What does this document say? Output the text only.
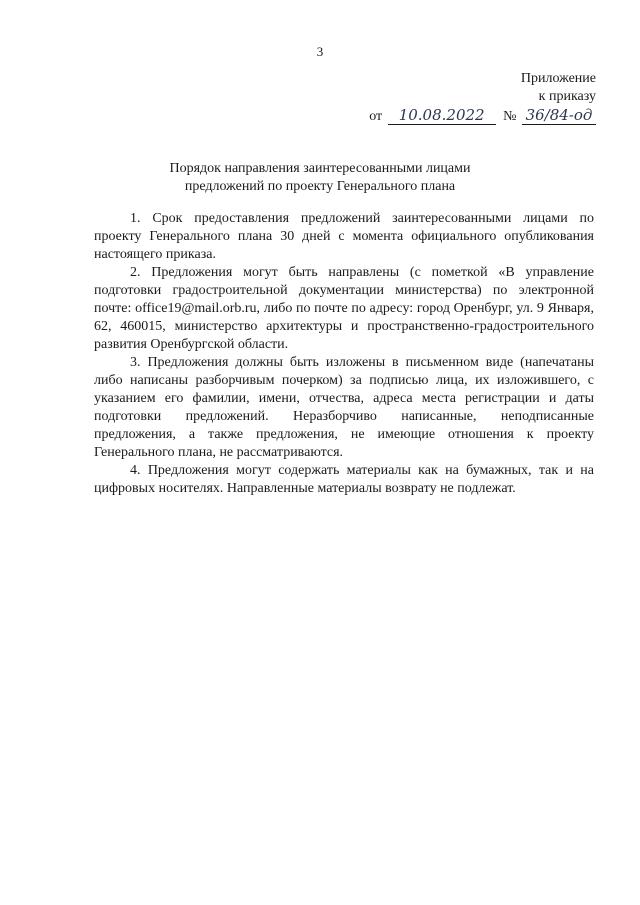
3
Приложение
к приказу
от 10.08.2022 № 36/84-од
Порядок направления заинтересованными лицами
предложений по проекту Генерального плана

1. Срок предоставления предложений заинтересованными лицами по проекту Генерального плана 30 дней с момента официального опубликования настоящего приказа.

2. Предложения могут быть направлены (с пометкой «В управление подготовки градостроительной документации министерства) по электронной почте: office19@mail.orb.ru, либо по почте по адресу: город Оренбург, ул. 9 Января, 62, 460015, министерство архитектуры и пространственно-градостроительного развития Оренбургской области.

3. Предложения должны быть изложены в письменном виде (напечатаны либо написаны разборчивым почерком) за подписью лица, их изложившего, с указанием его фамилии, имени, отчества, адреса места регистрации и даты подготовки предложений. Неразборчиво написанные, неподписанные предложения, а также предложения, не имеющие отношения к проекту Генерального плана, не рассматриваются.

4. Предложения могут содержать материалы как на бумажных, так и на цифровых носителях. Направленные материалы возврату не подлежат.
